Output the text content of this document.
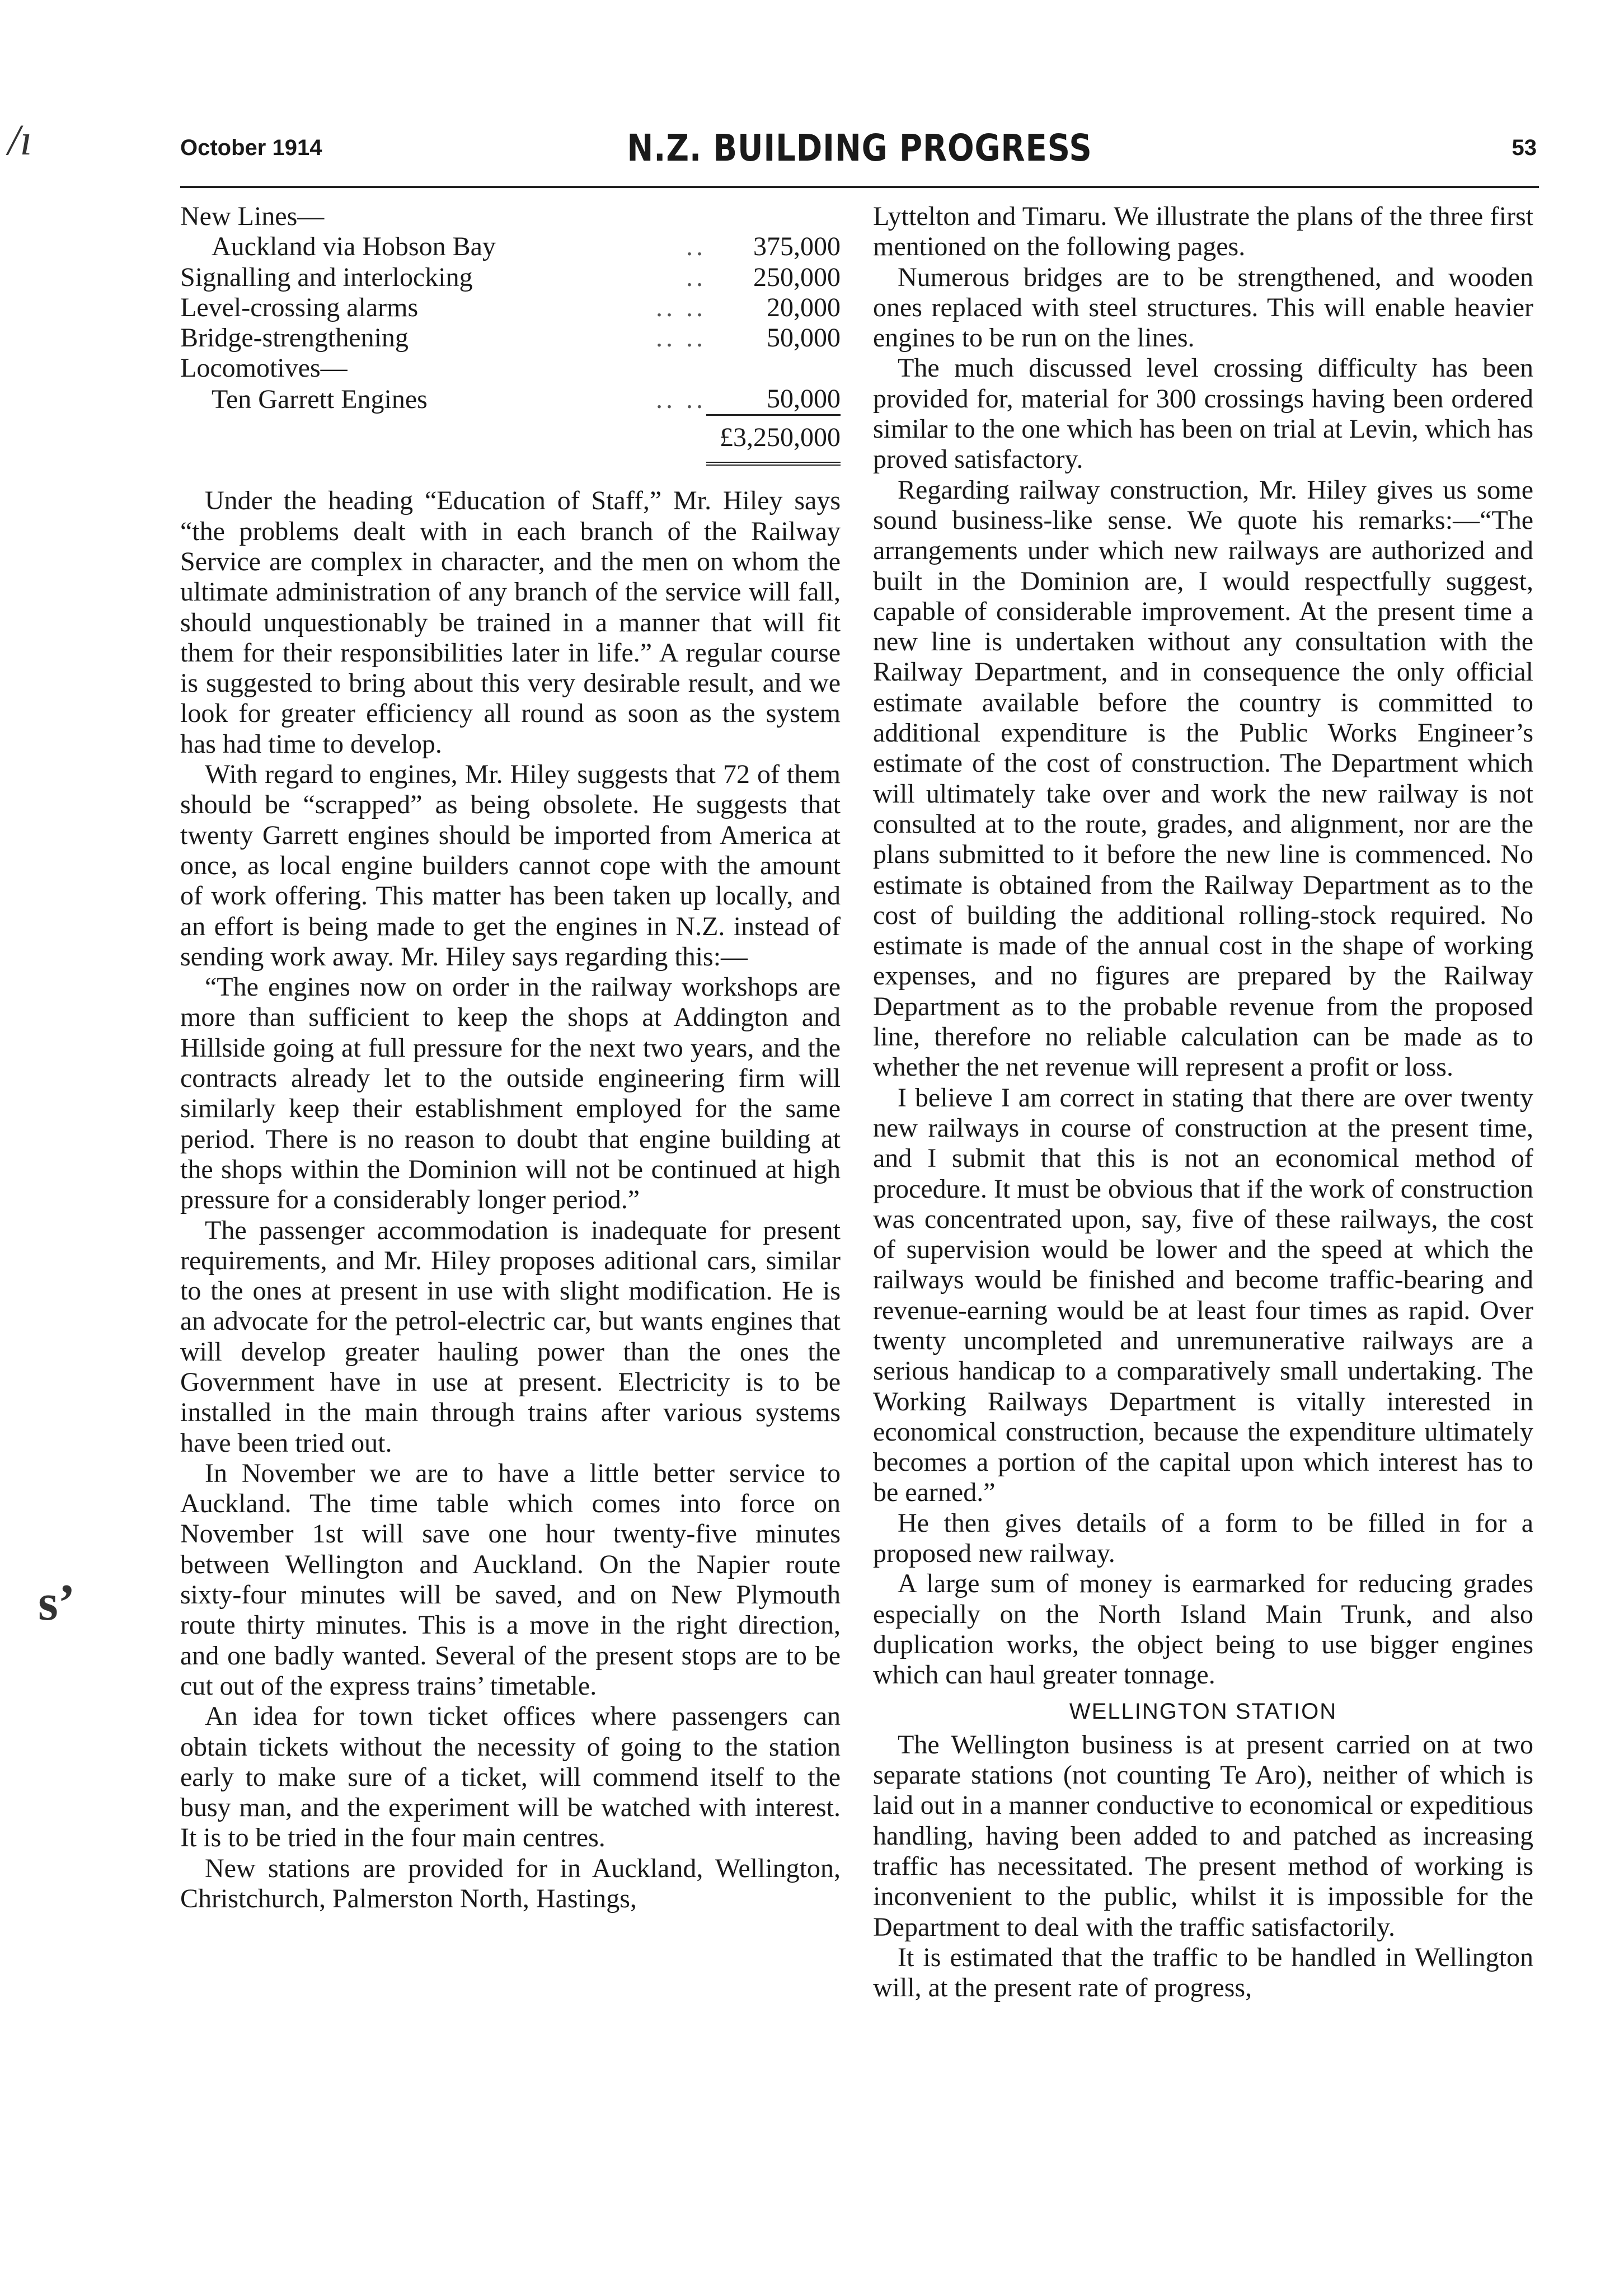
/ı
ѕʼ
October 1914	N.Z. BUILDING PROGRESS	53
New Lines—		
Auckland via Hobson Bay	..	375,000
Signalling and interlocking	..	250,000
Level-crossing alarms	.. ..	20,000
Bridge-strengthening	.. ..	50,000
Locomotives—		
Ten Garrett Engines	.. ..	50,000

		£3,250,000

Under the heading “Education of Staff,” Mr. Hiley says “the problems dealt with in each branch of the Railway Service are complex in character, and the men on whom the ultimate administration of any branch of the service will fall, should unquestionably be trained in a manner that will fit them for their responsibilities later in life.” A regular course is suggested to bring about this very desirable result, and we look for greater efficiency all round as soon as the system has had time to develop.

With regard to engines, Mr. Hiley suggests that 72 of them should be “scrapped” as being obsolete. He suggests that twenty Garrett engines should be imported from America at once, as local engine builders cannot cope with the amount of work offering. This matter has been taken up locally, and an effort is being made to get the engines in N.Z. instead of sending work away. Mr. Hiley says regarding this:—

“The engines now on order in the railway workshops are more than sufficient to keep the shops at Addington and Hillside going at full pressure for the next two years, and the contracts already let to the outside engineering firm will similarly keep their establishment employed for the same period. There is no reason to doubt that engine building at the shops within the Dominion will not be continued at high pressure for a considerably longer period.”

The passenger accommodation is inadequate for present requirements, and Mr. Hiley proposes aditional cars, similar to the ones at present in use with slight modification. He is an advocate for the petrol-electric car, but wants engines that will develop greater hauling power than the ones the Government have in use at present. Electricity is to be installed in the main through trains after various systems have been tried out.

In November we are to have a little better service to Auckland. The time table which comes into force on November 1st will save one hour twenty-five minutes between Wellington and Auckland. On the Napier route sixty-four minutes will be saved, and on New Plymouth route thirty minutes. This is a move in the right direction, and one badly wanted. Several of the present stops are to be cut out of the express trains’ timetable.

An idea for town ticket offices where passengers can obtain tickets without the necessity of going to the station early to make sure of a ticket, will commend itself to the busy man, and the experiment will be watched with interest. It is to be tried in the four main centres.

New stations are provided for in Auckland, Wellington, Christchurch, Palmerston North, Hastings,

Lyttelton and Timaru. We illustrate the plans of the three first mentioned on the following pages.

Numerous bridges are to be strengthened, and wooden ones replaced with steel structures. This will enable heavier engines to be run on the lines.

The much discussed level crossing difficulty has been provided for, material for 300 crossings having been ordered similar to the one which has been on trial at Levin, which has proved satisfactory.

Regarding railway construction, Mr. Hiley gives us some sound business-like sense. We quote his remarks:—“The arrangements under which new railways are authorized and built in the Dominion are, I would respectfully suggest, capable of considerable improvement. At the present time a new line is undertaken without any consultation with the Railway Department, and in consequence the only official estimate available before the country is committed to additional expenditure is the Public Works Engineer’s estimate of the cost of construction. The Department which will ultimately take over and work the new railway is not consulted at to the route, grades, and alignment, nor are the plans submitted to it before the new line is commenced. No estimate is obtained from the Railway Department as to the cost of building the additional rolling-stock required. No estimate is made of the annual cost in the shape of working expenses, and no figures are prepared by the Railway Department as to the probable revenue from the proposed line, therefore no reliable calculation can be made as to whether the net revenue will represent a profit or loss.

I believe I am correct in stating that there are over twenty new railways in course of construction at the present time, and I submit that this is not an economical method of procedure. It must be obvious that if the work of construction was concentrated upon, say, five of these railways, the cost of supervision would be lower and the speed at which the railways would be finished and become traffic-bearing and revenue-earning would be at least four times as rapid. Over twenty uncompleted and unremunerative railways are a serious handicap to a comparatively small undertaking. The Working Railways Department is vitally interested in economical construction, because the expenditure ultimately becomes a portion of the capital upon which interest has to be earned.”

He then gives details of a form to be filled in for a proposed new railway.

A large sum of money is earmarked for reducing grades especially on the North Island Main Trunk, and also duplication works, the object being to use bigger engines which can haul greater tonnage.

WELLINGTON STATION

The Wellington business is at present carried on at two separate stations (not counting Te Aro), neither of which is laid out in a manner conductive to economical or expeditious handling, having been added to and patched as increasing traffic has necessitated. The present method of working is inconvenient to the public, whilst it is impossible for the Department to deal with the traffic satisfactorily.

It is estimated that the traffic to be handled in Wellington will, at the present rate of progress,
